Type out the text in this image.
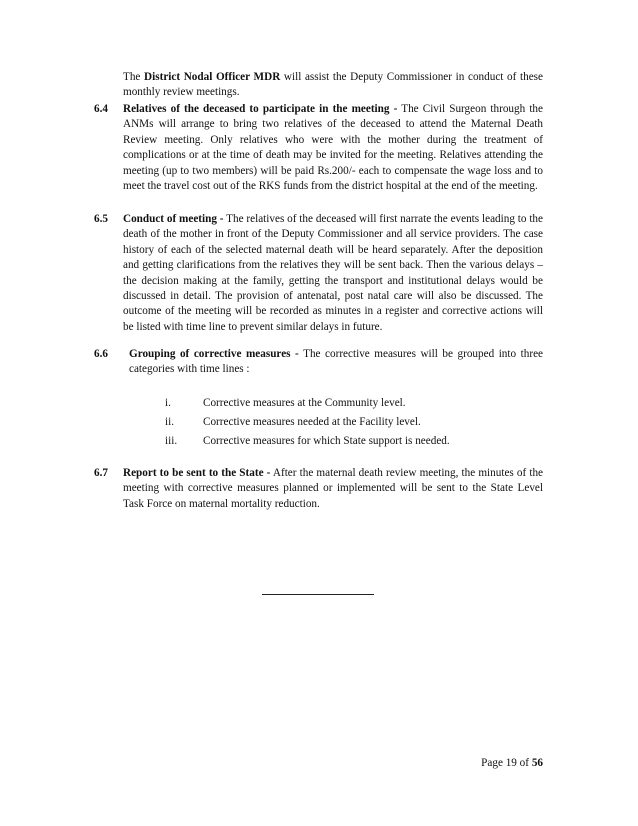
The District Nodal Officer MDR will assist the Deputy Commissioner in conduct of these monthly review meetings.
6.4 Relatives of the deceased to participate in the meeting - The Civil Surgeon through the ANMs will arrange to bring two relatives of the deceased to attend the Maternal Death Review meeting. Only relatives who were with the mother during the treatment of complications or at the time of death may be invited for the meeting. Relatives attending the meeting (up to two members) will be paid Rs.200/- each to compensate the wage loss and to meet the travel cost out of the RKS funds from the district hospital at the end of the meeting.
6.5 Conduct of meeting - The relatives of the deceased will first narrate the events leading to the death of the mother in front of the Deputy Commissioner and all service providers. The case history of each of the selected maternal death will be heard separately. After the deposition and getting clarifications from the relatives they will be sent back. Then the various delays – the decision making at the family, getting the transport and institutional delays would be discussed in detail. The provision of antenatal, post natal care will also be discussed. The outcome of the meeting will be recorded as minutes in a register and corrective actions will be listed with time line to prevent similar delays in future.
6.6 Grouping of corrective measures - The corrective measures will be grouped into three categories with time lines :
i.	Corrective measures at the Community level.
ii.	Corrective measures needed at the Facility level.
iii. Corrective measures for which State support is needed.
6.7 Report to be sent to the State - After the maternal death review meeting, the minutes of the meeting with corrective measures planned or implemented will be sent to the State Level Task Force on maternal mortality reduction.
Page 19 of 56
